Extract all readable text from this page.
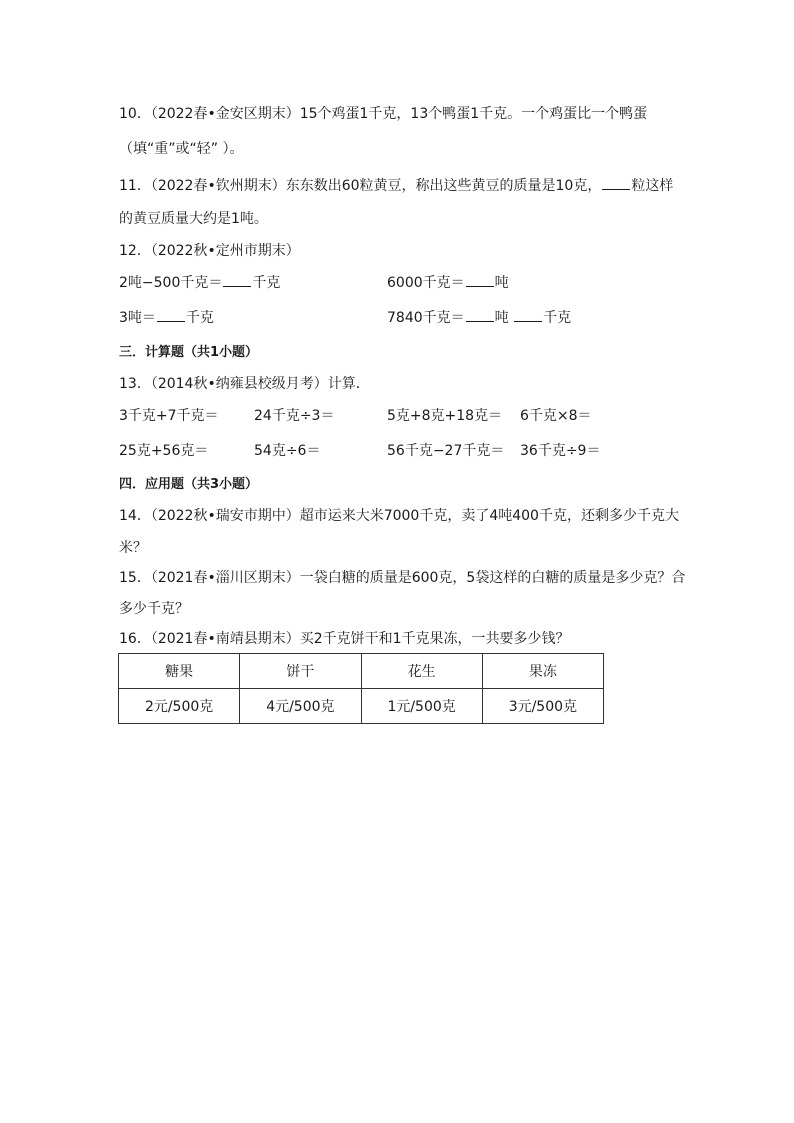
10．（2022春•金安区期末）15个鸡蛋1千克，13个鸭蛋1千克。一个鸡蛋比一个鸭蛋
（填“重”或“轻” ）。
11．（2022春•钦州期末）东东数出60粒黄豆，称出这些黄豆的质量是10克， 粒这样
的黄豆质量大约是1吨。
12．（2022秋•定州市期末）
2吨−500千克＝ 千克	6000千克＝ 吨
3吨＝ 千克	7840千克＝ 吨 千克
三．计算题（共1小题）
13．（2014秋•纳雍县校级月考）计算．
3千克+7千克＝	24千克÷3＝	5克+8克+18克＝ 6千克×8＝
25克+56克＝	54克÷6＝	56千克−27千克＝ 36千克÷9＝
四．应用题（共3小题）
14．（2022秋•瑞安市期中）超市运来大米7000千克，卖了4吨400千克，还剩多少千克大
米？
15．（2021春•淄川区期末）一袋白糖的质量是600克，5袋这样的白糖的质量是多少克？合
多少千克？
16．（2021春•南靖县期末）买2千克饼干和1千克果冻，一共要多少钱？
糖果	饼干	花生	果冻
2元/500克	4元/500克	1元/500克	3元/500克
